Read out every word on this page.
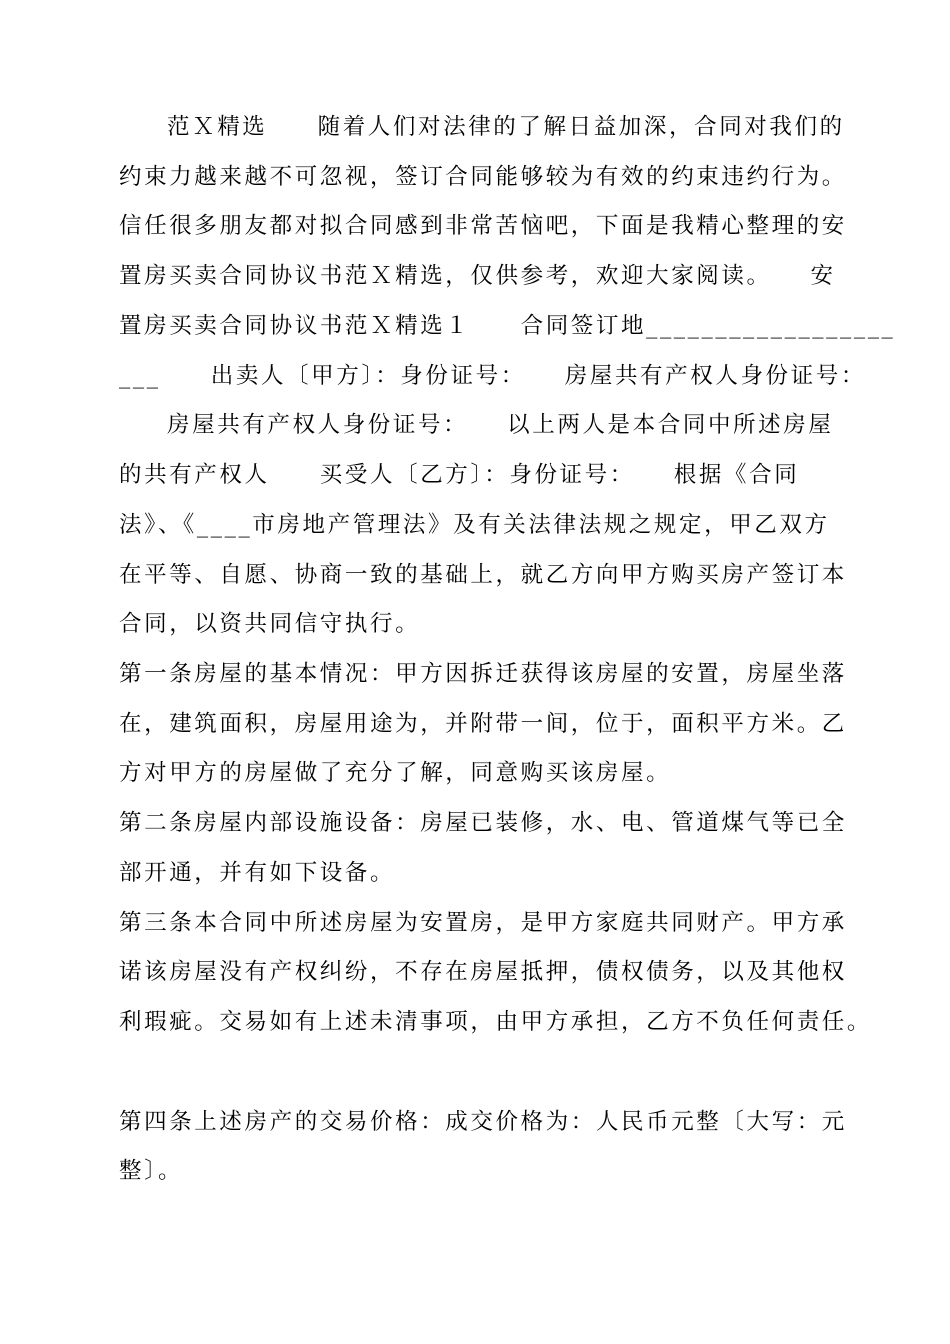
范Ｘ精选　　随着人们对法律的了解日益加深，合同对我们的
约束力越来越不可忽视，签订合同能够较为有效的约束违约行为。
信任很多朋友都对拟合同感到非常苦恼吧，下面是我精心整理的安
置房买卖合同协议书范Ｘ精选，仅供参考，欢迎大家阅读。　　安
置房买卖合同协议书范Ｘ精选１　　合同签订地__________________
___　　出卖人〔甲方〕：身份证号：　　房屋共有产权人身份证号：
房屋共有产权人身份证号：　　以上两人是本合同中所述房屋
的共有产权人　　买受人〔乙方〕：身份证号：　　根据《合同
法》、《____市房地产管理法》及有关法律法规之规定，甲乙双方
在平等、自愿、协商一致的基础上，就乙方向甲方购买房产签订本
合同，以资共同信守执行。
第一条房屋的基本情况：甲方因拆迁获得该房屋的安置，房屋坐落
在，建筑面积，房屋用途为，并附带一间，位于，面积平方米。乙
方对甲方的房屋做了充分了解，同意购买该房屋。
第二条房屋内部设施设备：房屋已装修，水、电、管道煤气等已全
部开通，并有如下设备。
第三条本合同中所述房屋为安置房，是甲方家庭共同财产。甲方承
诺该房屋没有产权纠纷，不存在房屋抵押，债权债务，以及其他权
利瑕疵。交易如有上述未清事项，由甲方承担，乙方不负任何责任。
第四条上述房产的交易价格：成交价格为：人民币元整〔大写：元
整〕。
